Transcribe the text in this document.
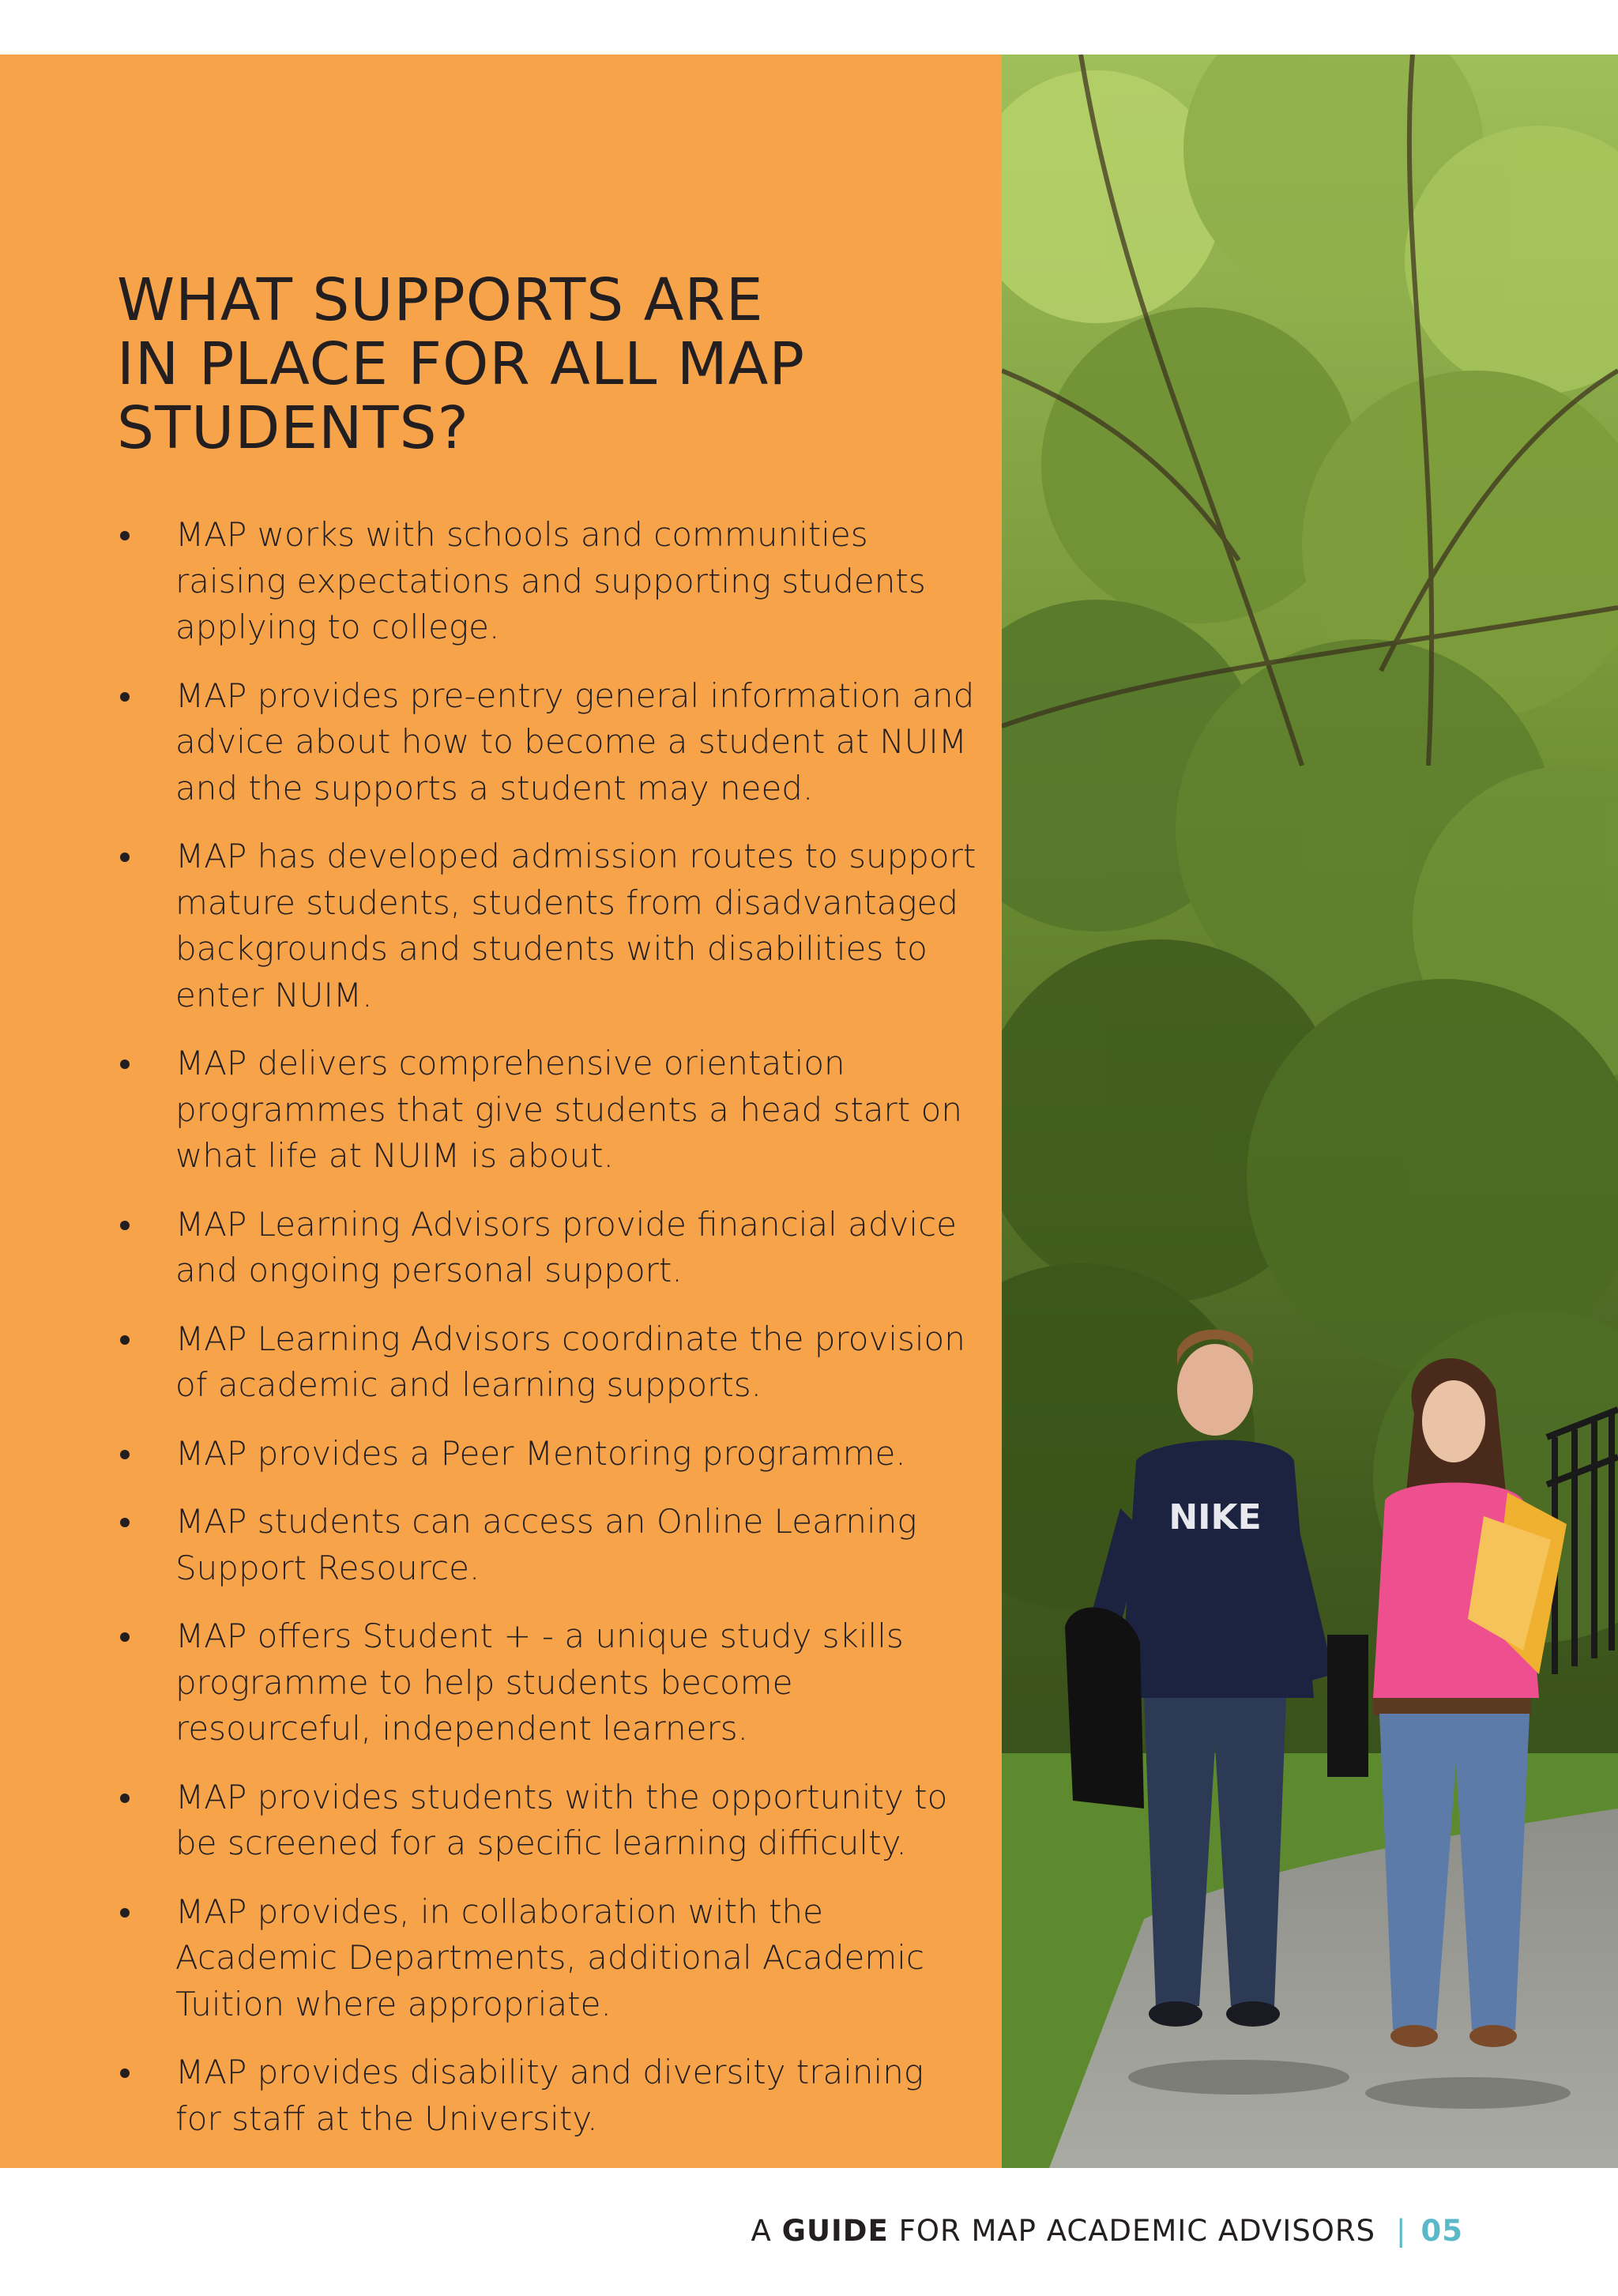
WHAT SUPPORTS ARE
IN PLACE FOR ALL MAP
STUDENTS?
MAP works with schools and communities raising expectations and supporting students applying to college.
MAP provides pre-entry general information and advice about how to become a student at NUIM and the supports a student may need.
MAP has developed admission routes to support mature students, students from disadvantaged backgrounds and students with disabilities to enter NUIM.
MAP delivers comprehensive orientation programmes that give students a head start on what life at NUIM is about.
MAP Learning Advisors provide financial advice and ongoing personal support.
MAP Learning Advisors coordinate the provision of academic and learning supports.
MAP provides a Peer Mentoring programme.
MAP students can access an Online Learning Support Resource.
MAP offers Student + - a unique study skills programme to help students become resourceful, independent learners.
MAP provides students with the opportunity to be screened for a specific learning difficulty.
MAP provides, in collaboration with the Academic Departments, additional Academic Tuition where appropriate.
MAP provides disability and diversity training for staff at the University.
NIKE
A GUIDE FOR MAP ACADEMIC ADVISORS | 05
